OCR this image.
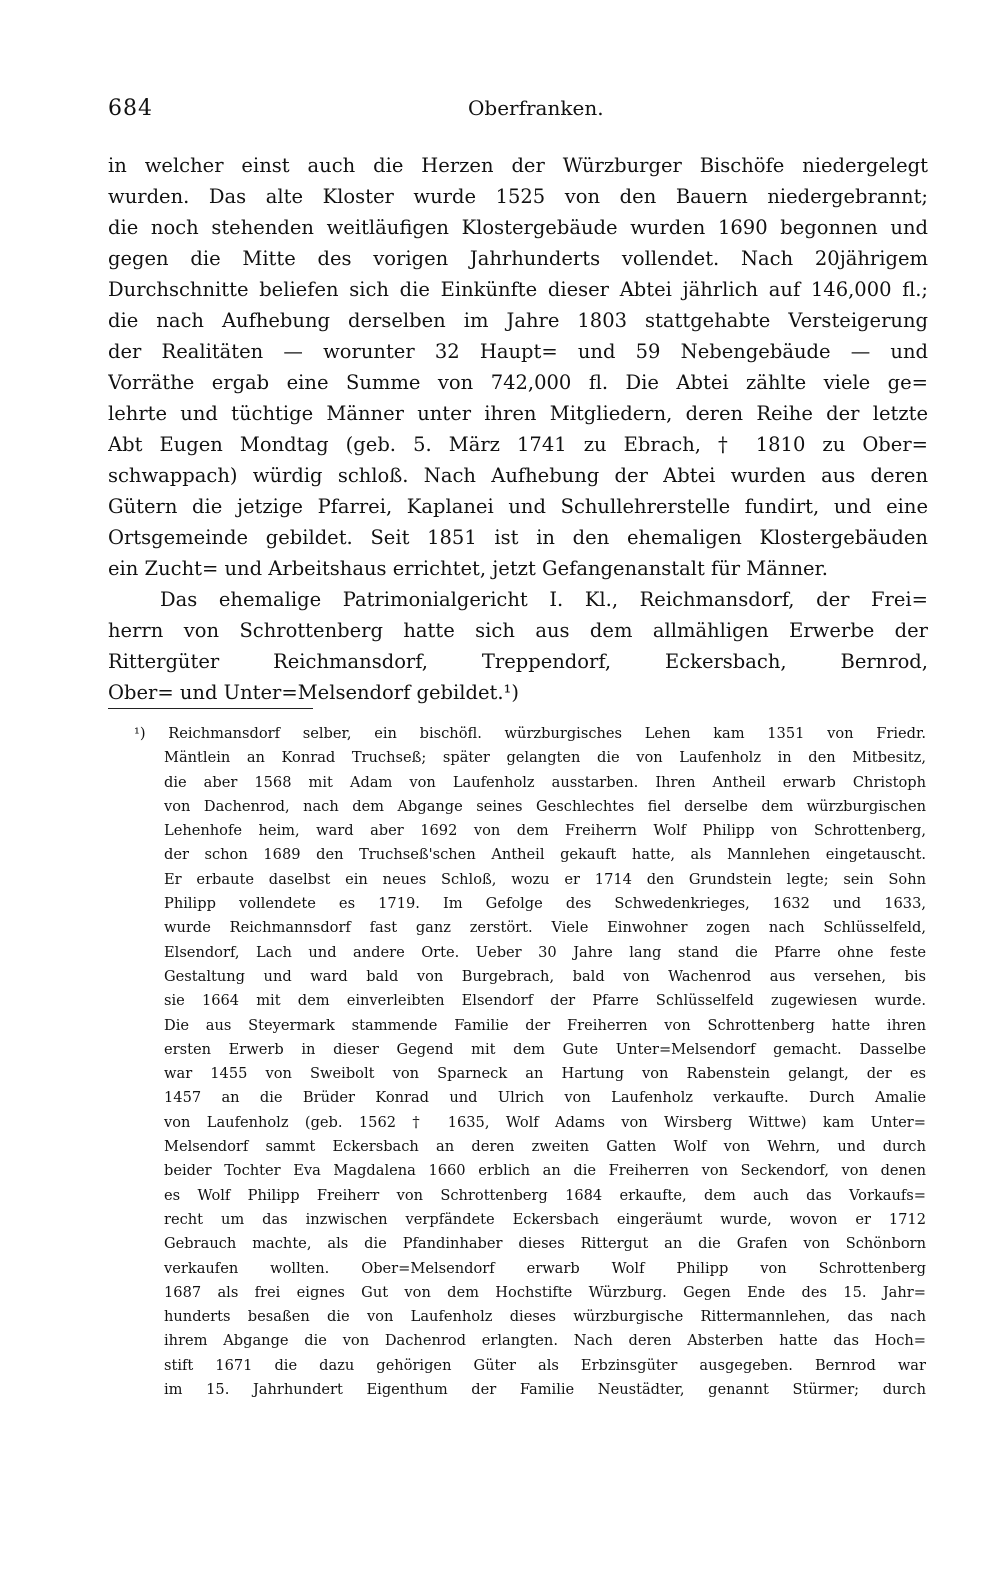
684	Oberfranken.
in welcher einst auch die Herzen der Würzburger Bischöfe niedergelegt
wurden. Das alte Kloster wurde 1525 von den Bauern niedergebrannt;
die noch stehenden weitläufigen Klostergebäude wurden 1690 begonnen und
gegen die Mitte des vorigen Jahrhunderts vollendet. Nach 20jährigem
Durchschnitte beliefen sich die Einkünfte dieser Abtei jährlich auf 146,000 fl.;
die nach Aufhebung derselben im Jahre 1803 stattgehabte Versteigerung
der Realitäten — worunter 32 Haupt= und 59 Nebengebäude — und
Vorräthe ergab eine Summe von 742,000 fl. Die Abtei zählte viele ge=
lehrte und tüchtige Männer unter ihren Mitgliedern, deren Reihe der letzte
Abt Eugen Mondtag (geb. 5. März 1741 zu Ebrach, † 1810 zu Ober=
schwappach) würdig schloß. Nach Aufhebung der Abtei wurden aus deren
Gütern die jetzige Pfarrei, Kaplanei und Schullehrerstelle fundirt, und eine
Ortsgemeinde gebildet. Seit 1851 ist in den ehemaligen Klostergebäuden
ein Zucht= und Arbeitshaus errichtet, jetzt Gefangenanstalt für Männer.
Das ehemalige Patrimonialgericht I. Kl., Reichmansdorf, der Frei=
herrn von Schrottenberg hatte sich aus dem allmähligen Erwerbe der
Rittergüter Reichmansdorf, Treppendorf, Eckersbach, Bernrod,
Ober= und Unter=Melsendorf gebildet.¹)
¹) Reichmansdorf selber, ein bischöfl. würzburgisches Lehen kam 1351 von Friedr.
Mäntlein an Konrad Truchseß; später gelangten die von Laufenholz in den Mitbesitz,
die aber 1568 mit Adam von Laufenholz ausstarben. Ihren Antheil erwarb Christoph
von Dachenrod, nach dem Abgange seines Geschlechtes fiel derselbe dem würzburgischen
Lehenhofe heim, ward aber 1692 von dem Freiherrn Wolf Philipp von Schrottenberg,
der schon 1689 den Truchseß'schen Antheil gekauft hatte, als Mannlehen eingetauscht.
Er erbaute daselbst ein neues Schloß, wozu er 1714 den Grundstein legte; sein Sohn
Philipp vollendete es 1719. Im Gefolge des Schwedenkrieges, 1632 und 1633,
wurde Reichmannsdorf fast ganz zerstört. Viele Einwohner zogen nach Schlüsselfeld,
Elsendorf, Lach und andere Orte. Ueber 30 Jahre lang stand die Pfarre ohne feste
Gestaltung und ward bald von Burgebrach, bald von Wachenrod aus versehen, bis
sie 1664 mit dem einverleibten Elsendorf der Pfarre Schlüsselfeld zugewiesen wurde.
Die aus Steyermark stammende Familie der Freiherren von Schrottenberg hatte ihren
ersten Erwerb in dieser Gegend mit dem Gute Unter=Melsendorf gemacht. Dasselbe
war 1455 von Sweibolt von Sparneck an Hartung von Rabenstein gelangt, der es
1457 an die Brüder Konrad und Ulrich von Laufenholz verkaufte. Durch Amalie
von Laufenholz (geb. 1562 † 1635, Wolf Adams von Wirsberg Wittwe) kam Unter=
Melsendorf sammt Eckersbach an deren zweiten Gatten Wolf von Wehrn, und durch
beider Tochter Eva Magdalena 1660 erblich an die Freiherren von Seckendorf, von denen
es Wolf Philipp Freiherr von Schrottenberg 1684 erkaufte, dem auch das Vorkaufs=
recht um das inzwischen verpfändete Eckersbach eingeräumt wurde, wovon er 1712
Gebrauch machte, als die Pfandinhaber dieses Rittergut an die Grafen von Schönborn
verkaufen wollten. Ober=Melsendorf erwarb Wolf Philipp von Schrottenberg
1687 als frei eignes Gut von dem Hochstifte Würzburg. Gegen Ende des 15. Jahr=
hunderts besaßen die von Laufenholz dieses würzburgische Rittermannlehen, das nach
ihrem Abgange die von Dachenrod erlangten. Nach deren Absterben hatte das Hoch=
stift 1671 die dazu gehörigen Güter als Erbzinsgüter ausgegeben. Bernrod war
im 15. Jahrhundert Eigenthum der Familie Neustädter, genannt Stürmer; durch
